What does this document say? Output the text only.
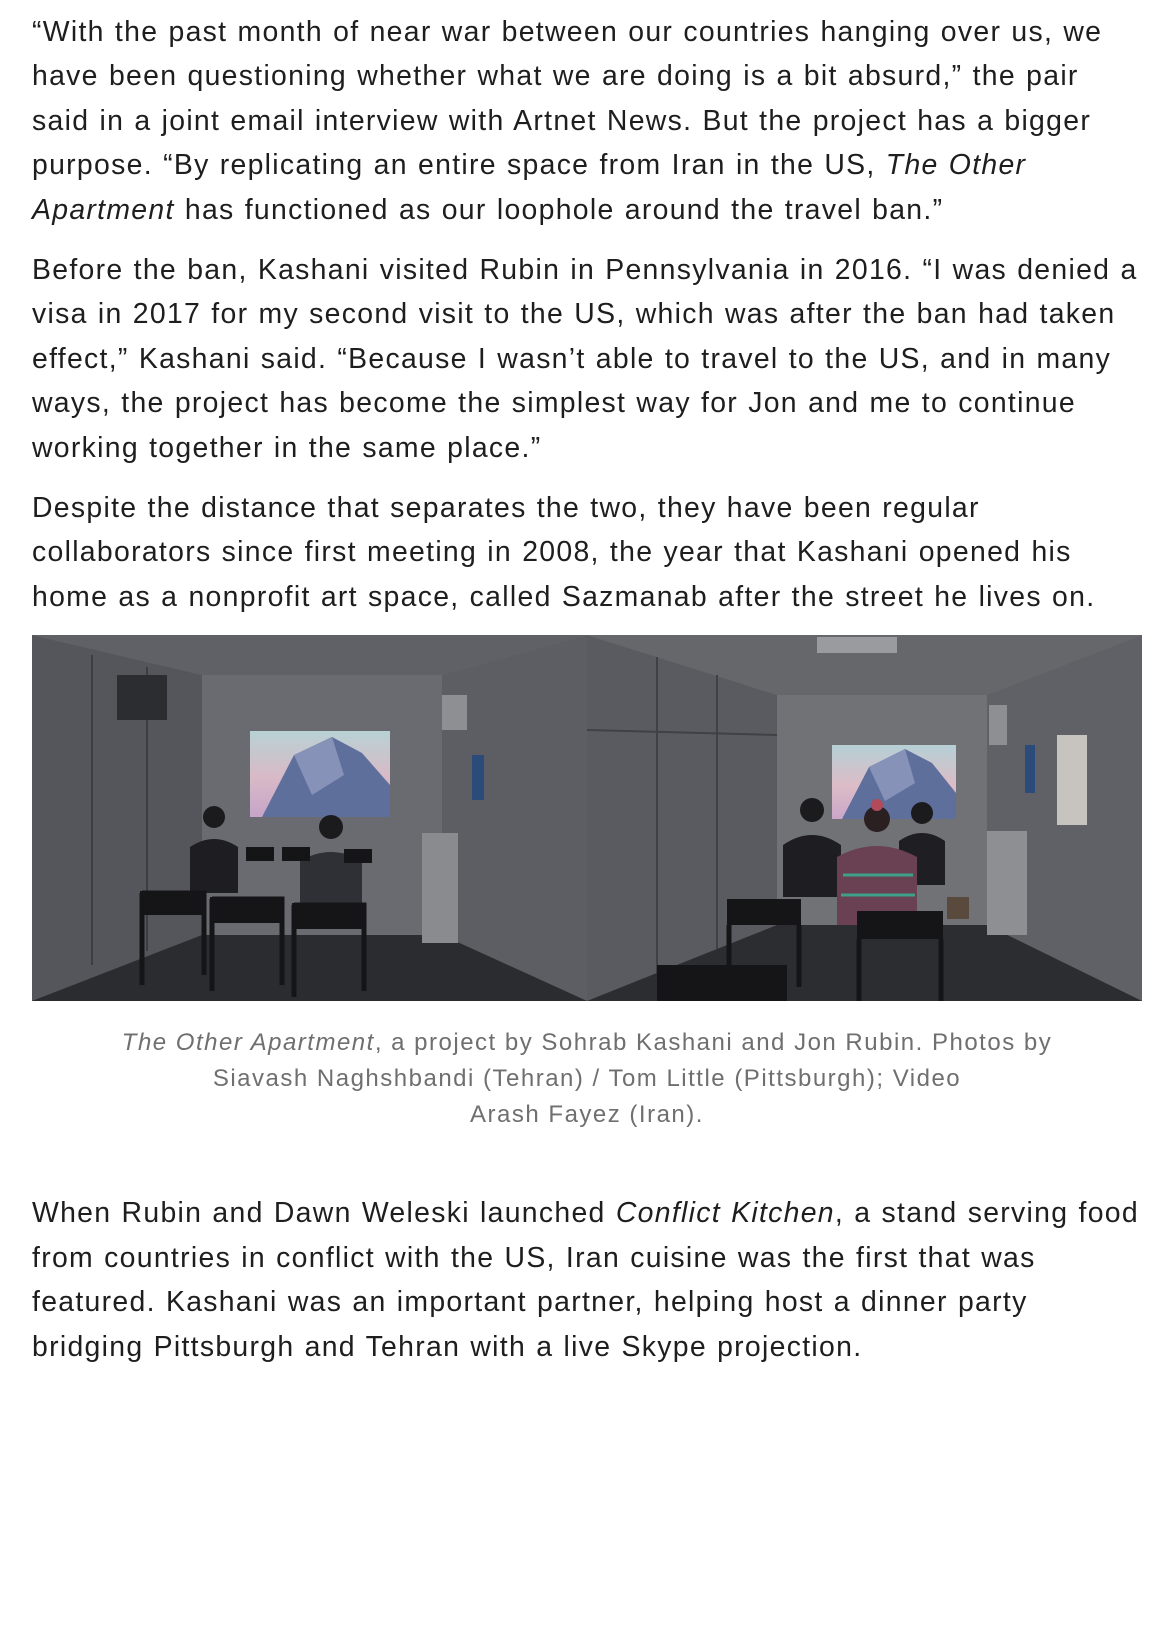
“With the past month of near war between our countries hanging over us, we have been questioning whether what we are doing is a bit absurd,” the pair said in a joint email interview with Artnet News. But the project has a bigger purpose. “By replicating an entire space from Iran in the US, The Other Apartment has functioned as our loophole around the travel ban.”

Before the ban, Kashani visited Rubin in Pennsylvania in 2016. “I was denied a visa in 2017 for my second visit to the US, which was after the ban had taken effect,” Kashani said. “Because I wasn’t able to travel to the US, and in many ways, the project has become the simplest way for Jon and me to continue working together in the same place.”

Despite the distance that separates the two, they have been regular collaborators since first meeting in 2008, the year that Kashani opened his home as a nonprofit art space, called Sazmanab after the street he lives on.

The Other Apartment, a project by Sohrab Kashani and Jon Rubin. Photos by
Siavash Naghshbandi (Tehran) / Tom Little (Pittsburgh); Video
Arash Fayez (Iran).

When Rubin and Dawn Weleski launched Conflict Kitchen, a stand serving food from countries in conflict with the US, Iran cuisine was the first that was featured. Kashani was an important partner, helping host a dinner party bridging Pittsburgh and Tehran with a live Skype projection.
